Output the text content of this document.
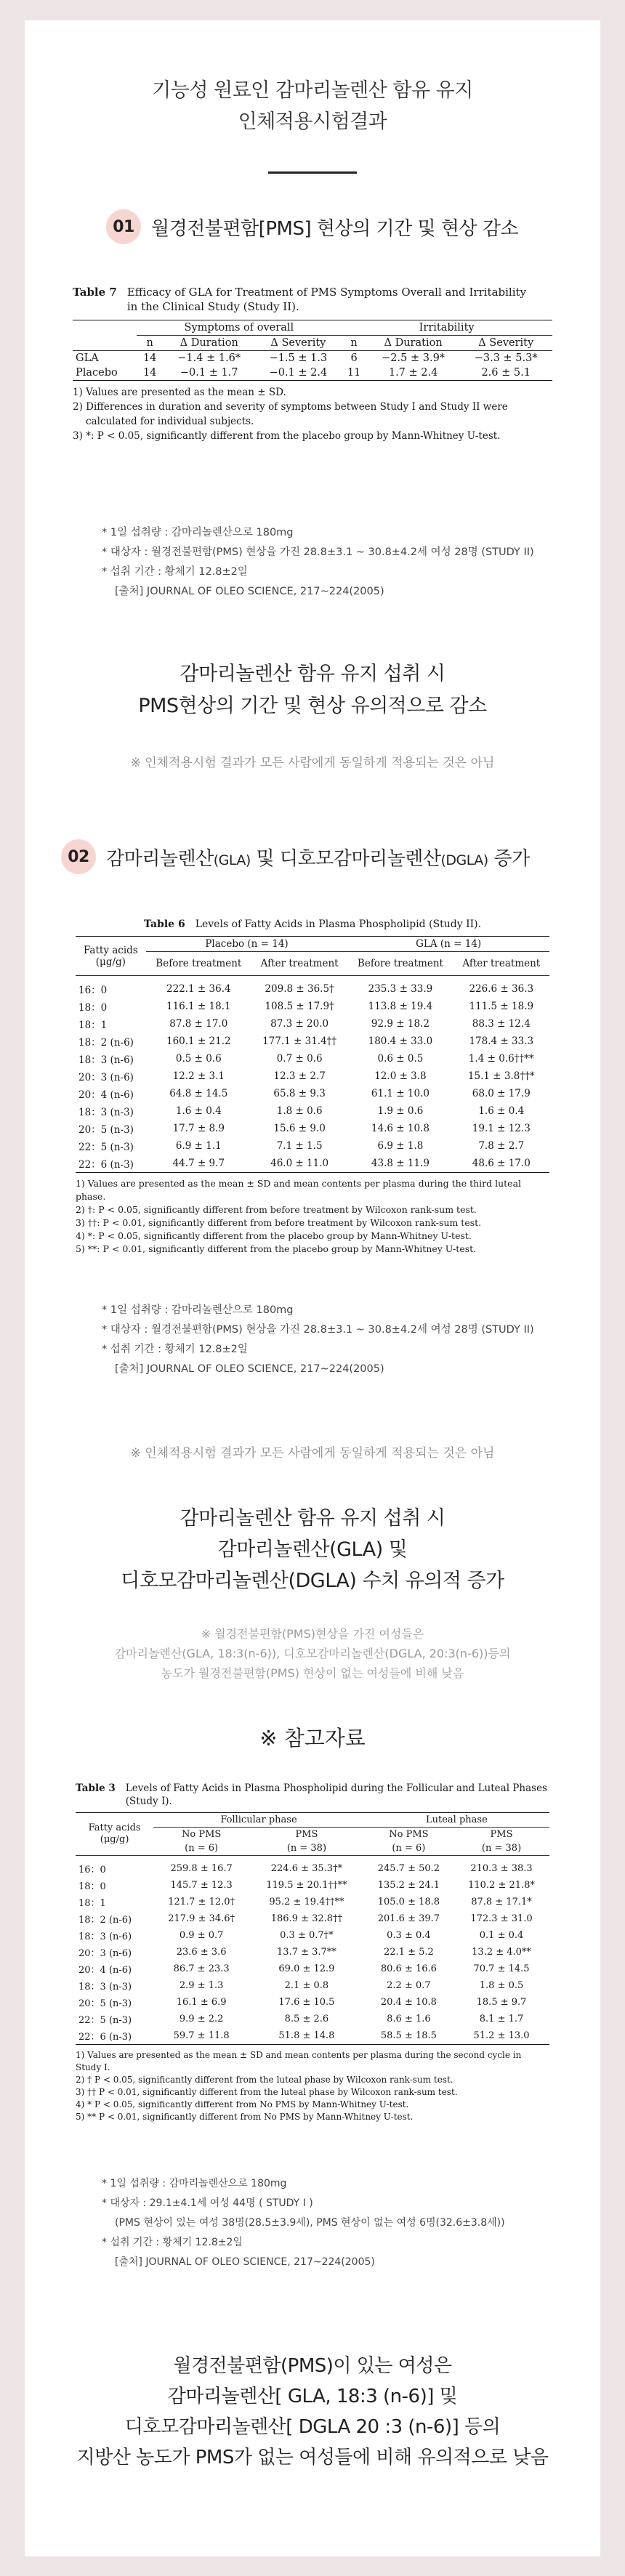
기능성 원료인 감마리놀렌산 함유 유지
인체적용시험결과
01 월경전불편함[PMS] 현상의 기간 및 현상 감소
Table 7 Efficacy of GLA for Treatment of PMS Symptoms Overall and Irritability
in the Clinical Study (Study II).
	Symptoms of overall			Irritability		
	n	Δ Duration	Δ Severity	n	Δ Duration	Δ Severity
GLA	14	−1.4 ± 1.6*	−1.5 ± 1.3	6	−2.5 ± 3.9*	−3.3 ± 5.3*
Placebo	14	−0.1 ± 1.7	−0.1 ± 2.4	11	1.7 ± 2.4	2.6 ± 5.1

1) Values are presented as the mean ± SD.

2) Differences in duration and severity of symptoms between Study I and Study II were

calculated for individual subjects.

3) *: P < 0.05, significantly different from the placebo group by Mann-Whitney U-test.

* 1일 섭취량 : 감마리놀렌산으로 180mg

* 대상자 : 월경전불편함(PMS) 현상을 가진 28.8±3.1 ~ 30.8±4.2세 여성 28명 (STUDY II)

* 섭취 기간 : 황체기 12.8±2일

[출처] JOURNAL OF OLEO SCIENCE, 217~224(2005)

감마리놀렌산 함유 유지 섭취 시
PMS현상의 기간 및 현상 유의적으로 감소
※ 인체적용시험 결과가 모든 사람에게 동일하게 적용되는 것은 아님
02 감마리놀렌산(GLA) 및 디호모감마리놀렌산(DGLA) 증가
Table 6 Levels of Fatty Acids in Plasma Phospholipid (Study II).
Fatty acids
(μg/g)	Placebo (n = 14)		GLA (n = 14)	
	Before treatment	After treatment	Before treatment	After treatment
16：0	222.1 ± 36.4	209.8 ± 36.5†	235.3 ± 33.9	226.6 ± 36.3
18：0	116.1 ± 18.1	108.5 ± 17.9†	113.8 ± 19.4	111.5 ± 18.9
18：1	87.8 ± 17.0	87.3 ± 20.0	92.9 ± 18.2	88.3 ± 12.4
18：2 (n-6)	160.1 ± 21.2	177.1 ± 31.4††	180.4 ± 33.0	178.4 ± 33.3
18：3 (n-6)	0.5 ± 0.6	0.7 ± 0.6	0.6 ± 0.5	1.4 ± 0.6††**
20：3 (n-6)	12.2 ± 3.1	12.3 ± 2.7	12.0 ± 3.8	15.1 ± 3.8††*
20：4 (n-6)	64.8 ± 14.5	65.8 ± 9.3	61.1 ± 10.0	68.0 ± 17.9
18：3 (n-3)	1.6 ± 0.4	1.8 ± 0.6	1.9 ± 0.6	1.6 ± 0.4
20：5 (n-3)	17.7 ± 8.9	15.6 ± 9.0	14.6 ± 10.8	19.1 ± 12.3
22：5 (n-3)	6.9 ± 1.1	7.1 ± 1.5	6.9 ± 1.8	7.8 ± 2.7
22：6 (n-3)	44.7 ± 9.7	46.0 ± 11.0	43.8 ± 11.9	48.6 ± 17.0

1) Values are presented as the mean ± SD and mean contents per plasma during the third luteal phase.

2) †: P < 0.05, significantly different from before treatment by Wilcoxon rank-sum test.

3) ††: P < 0.01, significantly different from before treatment by Wilcoxon rank-sum test.

4) *: P < 0.05, significantly different from the placebo group by Mann-Whitney U-test.

5) **: P < 0.01, significantly different from the placebo group by Mann-Whitney U-test.

* 1일 섭취량 : 감마리놀렌산으로 180mg

* 대상자 : 월경전불편함(PMS) 현상을 가진 28.8±3.1 ~ 30.8±4.2세 여성 28명 (STUDY II)

* 섭취 기간 : 황체기 12.8±2일

[출처] JOURNAL OF OLEO SCIENCE, 217~224(2005)

※ 인체적용시험 결과가 모든 사람에게 동일하게 적용되는 것은 아님
감마리놀렌산 함유 유지 섭취 시
감마리놀렌산(GLA) 및
디호모감마리놀렌산(DGLA) 수치 유의적 증가
※ 월경전불편함(PMS)현상을 가진 여성들은
감마리놀렌산(GLA, 18:3(n-6)), 디호모감마리놀렌산(DGLA, 20:3(n-6))등의
농도가 월경전불편함(PMS) 현상이 없는 여성들에 비해 낮음
※ 참고자료
Table 3 Levels of Fatty Acids in Plasma Phospholipid during the Follicular and Luteal Phases
(Study I).
Fatty acids
(μg/g)	Follicular phase		Luteal phase	
	No PMS	PMS	No PMS	PMS
	(n = 6)	(n = 38)	(n = 6)	(n = 38)
16：0	259.8 ± 16.7	224.6 ± 35.3†*	245.7 ± 50.2	210.3 ± 38.3
18：0	145.7 ± 12.3	119.5 ± 20.1††**	135.2 ± 24.1	110.2 ± 21.8*
18：1	121.7 ± 12.0†	95.2 ± 19.4††**	105.0 ± 18.8	87.8 ± 17.1*
18：2 (n-6)	217.9 ± 34.6†	186.9 ± 32.8††	201.6 ± 39.7	172.3 ± 31.0
18：3 (n-6)	0.9 ± 0.7	0.3 ± 0.7†*	0.3 ± 0.4	0.1 ± 0.4
20：3 (n-6)	23.6 ± 3.6	13.7 ± 3.7**	22.1 ± 5.2	13.2 ± 4.0**
20：4 (n-6)	86.7 ± 23.3	69.0 ± 12.9	80.6 ± 16.6	70.7 ± 14.5
18：3 (n-3)	2.9 ± 1.3	2.1 ± 0.8	2.2 ± 0.7	1.8 ± 0.5
20：5 (n-3)	16.1 ± 6.9	17.6 ± 10.5	20.4 ± 10.8	18.5 ± 9.7
22：5 (n-3)	9.9 ± 2.2	8.5 ± 2.6	8.6 ± 1.6	8.1 ± 1.7
22：6 (n-3)	59.7 ± 11.8	51.8 ± 14.8	58.5 ± 18.5	51.2 ± 13.0

1) Values are presented as the mean ± SD and mean contents per plasma during the second cycle in Study I.

2) † P < 0.05, significantly different from the luteal phase by Wilcoxon rank-sum test.

3) †† P < 0.01, significantly different from the luteal phase by Wilcoxon rank-sum test.

4) * P < 0.05, significantly different from No PMS by Mann-Whitney U-test.

5) ** P < 0.01, significantly different from No PMS by Mann-Whitney U-test.

* 1일 섭취량 : 감마리놀렌산으로 180mg

* 대상자 : 29.1±4.1세 여성 44명 ( STUDY I )

(PMS 현상이 있는 여성 38명(28.5±3.9세), PMS 현상이 없는 여성 6명(32.6±3.8세))

* 섭취 기간 : 황체기 12.8±2일

[출처] JOURNAL OF OLEO SCIENCE, 217~224(2005)

월경전불편함(PMS)이 있는 여성은
감마리놀렌산[ GLA, 18:3 (n-6)] 및
디호모감마리놀렌산[ DGLA 20 :3 (n-6)] 등의
지방산 농도가 PMS가 없는 여성들에 비해 유의적으로 낮음
